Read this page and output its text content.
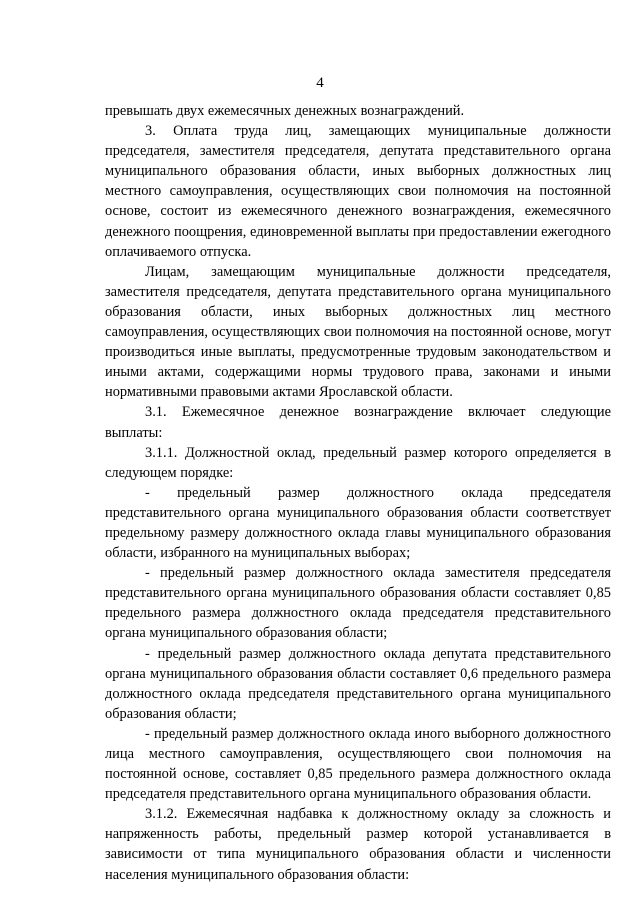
4

превышать двух ежемесячных денежных вознаграждений.

3. Оплата труда лиц, замещающих муниципальные должности председателя, заместителя председателя, депутата представительного органа муниципального образования области, иных выборных должностных лиц местного самоуправления, осуществляющих свои полномочия на постоянной основе, состоит из ежемесячного денежного вознаграждения, ежемесячного денежного поощрения, единовременной выплаты при предоставлении ежегодного оплачиваемого отпуска.

Лицам, замещающим муниципальные должности председателя, заместителя председателя, депутата представительного органа муниципального образования области, иных выборных должностных лиц местного самоуправления, осуществляющих свои полномочия на постоянной основе, могут производиться иные выплаты, предусмотренные трудовым законодательством и иными актами, содержащими нормы трудового права, законами и иными нормативными правовыми актами Ярославской области.

3.1. Ежемесячное денежное вознаграждение включает следующие выплаты:

3.1.1. Должностной оклад, предельный размер которого определяется в следующем порядке:

- предельный размер должностного оклада председателя представительного органа муниципального образования области соответствует предельному размеру должностного оклада главы муниципального образования области, избранного на муниципальных выборах;

- предельный размер должностного оклада заместителя председателя представительного органа муниципального образования области составляет 0,85 предельного размера должностного оклада председателя представительного органа муниципального образования области;

- предельный размер должностного оклада депутата представительного органа муниципального образования области составляет 0,6 предельного размера должностного оклада председателя представительного органа муниципального образования области;

- предельный размер должностного оклада иного выборного должностного лица местного самоуправления, осуществляющего свои полномочия на постоянной основе, составляет 0,85 предельного размера должностного оклада председателя представительного органа муниципального образования области.

3.1.2. Ежемесячная надбавка к должностному окладу за сложность и напряженность работы, предельный размер которой устанавливается в зависимости от типа муниципального образования области и численности населения муниципального образования области:
